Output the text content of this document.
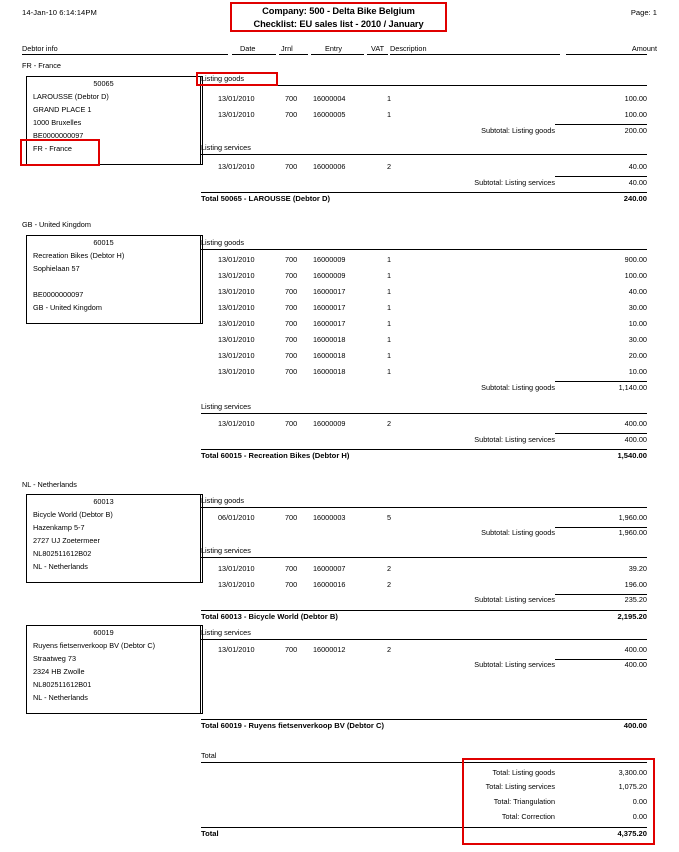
14-Jan-10 6:14:14PM	Page: 1
Company: 500 - Delta Bike Belgium
Checklist: EU sales list - 2010 / January
Debtor info	Date	Jrnl	Entry	VAT Description	Amount
FR - France
50065
LAROUSSE (Debtor D)
GRAND PLACE 1
1000 Bruxelles
BE0000000097
FR - France
Listing goods
13/01/2010	700	16000004	1	100.00
13/01/2010	700	16000005	1	100.00
Subtotal: Listing goods	200.00
Listing services
13/01/2010	700	16000006	2	40.00
Subtotal: Listing services	40.00
Total 50065 - LAROUSSE (Debtor D)	240.00
GB - United Kingdom
60015
Recreation Bikes (Debtor H)
Sophielaan 57

BE0000000097
GB - United Kingdom
Listing goods
13/01/2010	700	16000009	1	900.00
13/01/2010	700	16000009	1	100.00
13/01/2010	700	16000017	1	40.00
13/01/2010	700	16000017	1	30.00
13/01/2010	700	16000017	1	10.00
13/01/2010	700	16000018	1	30.00
13/01/2010	700	16000018	1	20.00
13/01/2010	700	16000018	1	10.00
Subtotal: Listing goods	1,140.00
Listing services
13/01/2010	700	16000009	2	400.00
Subtotal: Listing services	400.00
Total 60015 - Recreation Bikes (Debtor H)	1,540.00
NL - Netherlands
60013
Bicycle World (Debtor B)
Hazenkamp 5-7
2727 UJ Zoetermeer
NL802511612B02
NL - Netherlands
Listing goods
06/01/2010	700	16000003	5	1,960.00
Subtotal: Listing goods	1,960.00
Listing services
13/01/2010	700	16000007	2	39.20
13/01/2010	700	16000016	2	196.00
Subtotal: Listing services	235.20
Total 60013 - Bicycle World (Debtor B)	2,195.20
60019
Ruyens fietsenverkoop BV (Debtor C)
Straatweg 73
2324 HB Zwolle
NL802511612B01
NL - Netherlands
Listing services
13/01/2010	700	16000012	2	400.00
Subtotal: Listing services	400.00
Total 60019 - Ruyens fietsenverkoop BV (Debtor C)	400.00
Total
Total: Listing goods	3,300.00
Total: Listing services	1,075.20
Total: Triangulation	0.00
Total: Correction	0.00
Total	4,375.20
